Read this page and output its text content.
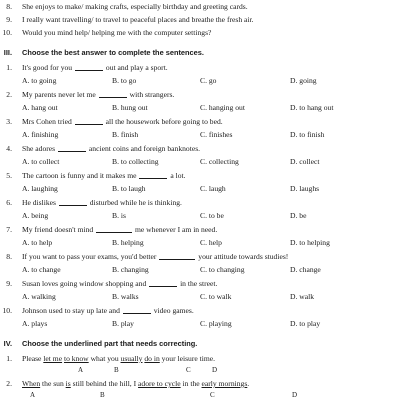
8. She enjoys to make/ making crafts, especially birthday and greeting cards.
9. I really want travelling/ to travel to peaceful places and breathe the fresh air.
10. Would you mind help/ helping me with the computer settings?
III. Choose the best answer to complete the sentences.
1. It's good for you	out and play a sport.
A. to going	B. to go	C. go	D. going
2. My parents never let me	with strangers.
A. hang out	B. hung out	C. hanging out	D. to hang out
3. Mrs Cohen tried	all the housework before going to bed.
A. finishing	B. finish	C. finishes	D. to finish
4. She adores	ancient coins and foreign banknotes.
A. to collect	B. to collecting	C. collecting	D. collect
5. The cartoon is funny and it makes me	a lot.
A. laughing	B. to laugh	C. laugh	D. laughs
6. He dislikes	disturbed while he is thinking.
A. being	B. is	C. to be	D. be
7. My friend doesn't mind	me whenever I am in need.
A. to help	B. helping	C. help	D. to helping
8. If you want to pass your exams, you'd better	your attitude towards studies!
A. to change	B. changing	C. to changing	D. change
9. Susan loves going window shopping and	in the street.
A. walking	B. walks	C. to walk	D. walk
10. Johnson used to stay up late and	video games.
A. plays	B. play	C. playing	D. to play
IV. Choose the underlined part that needs correcting.
1. Please let me to know what you usually do in your leisure time.
A	B	C	D
2. When the sun is still behind the hill, I adore to cycle in the early mornings.
A	B	C	D
